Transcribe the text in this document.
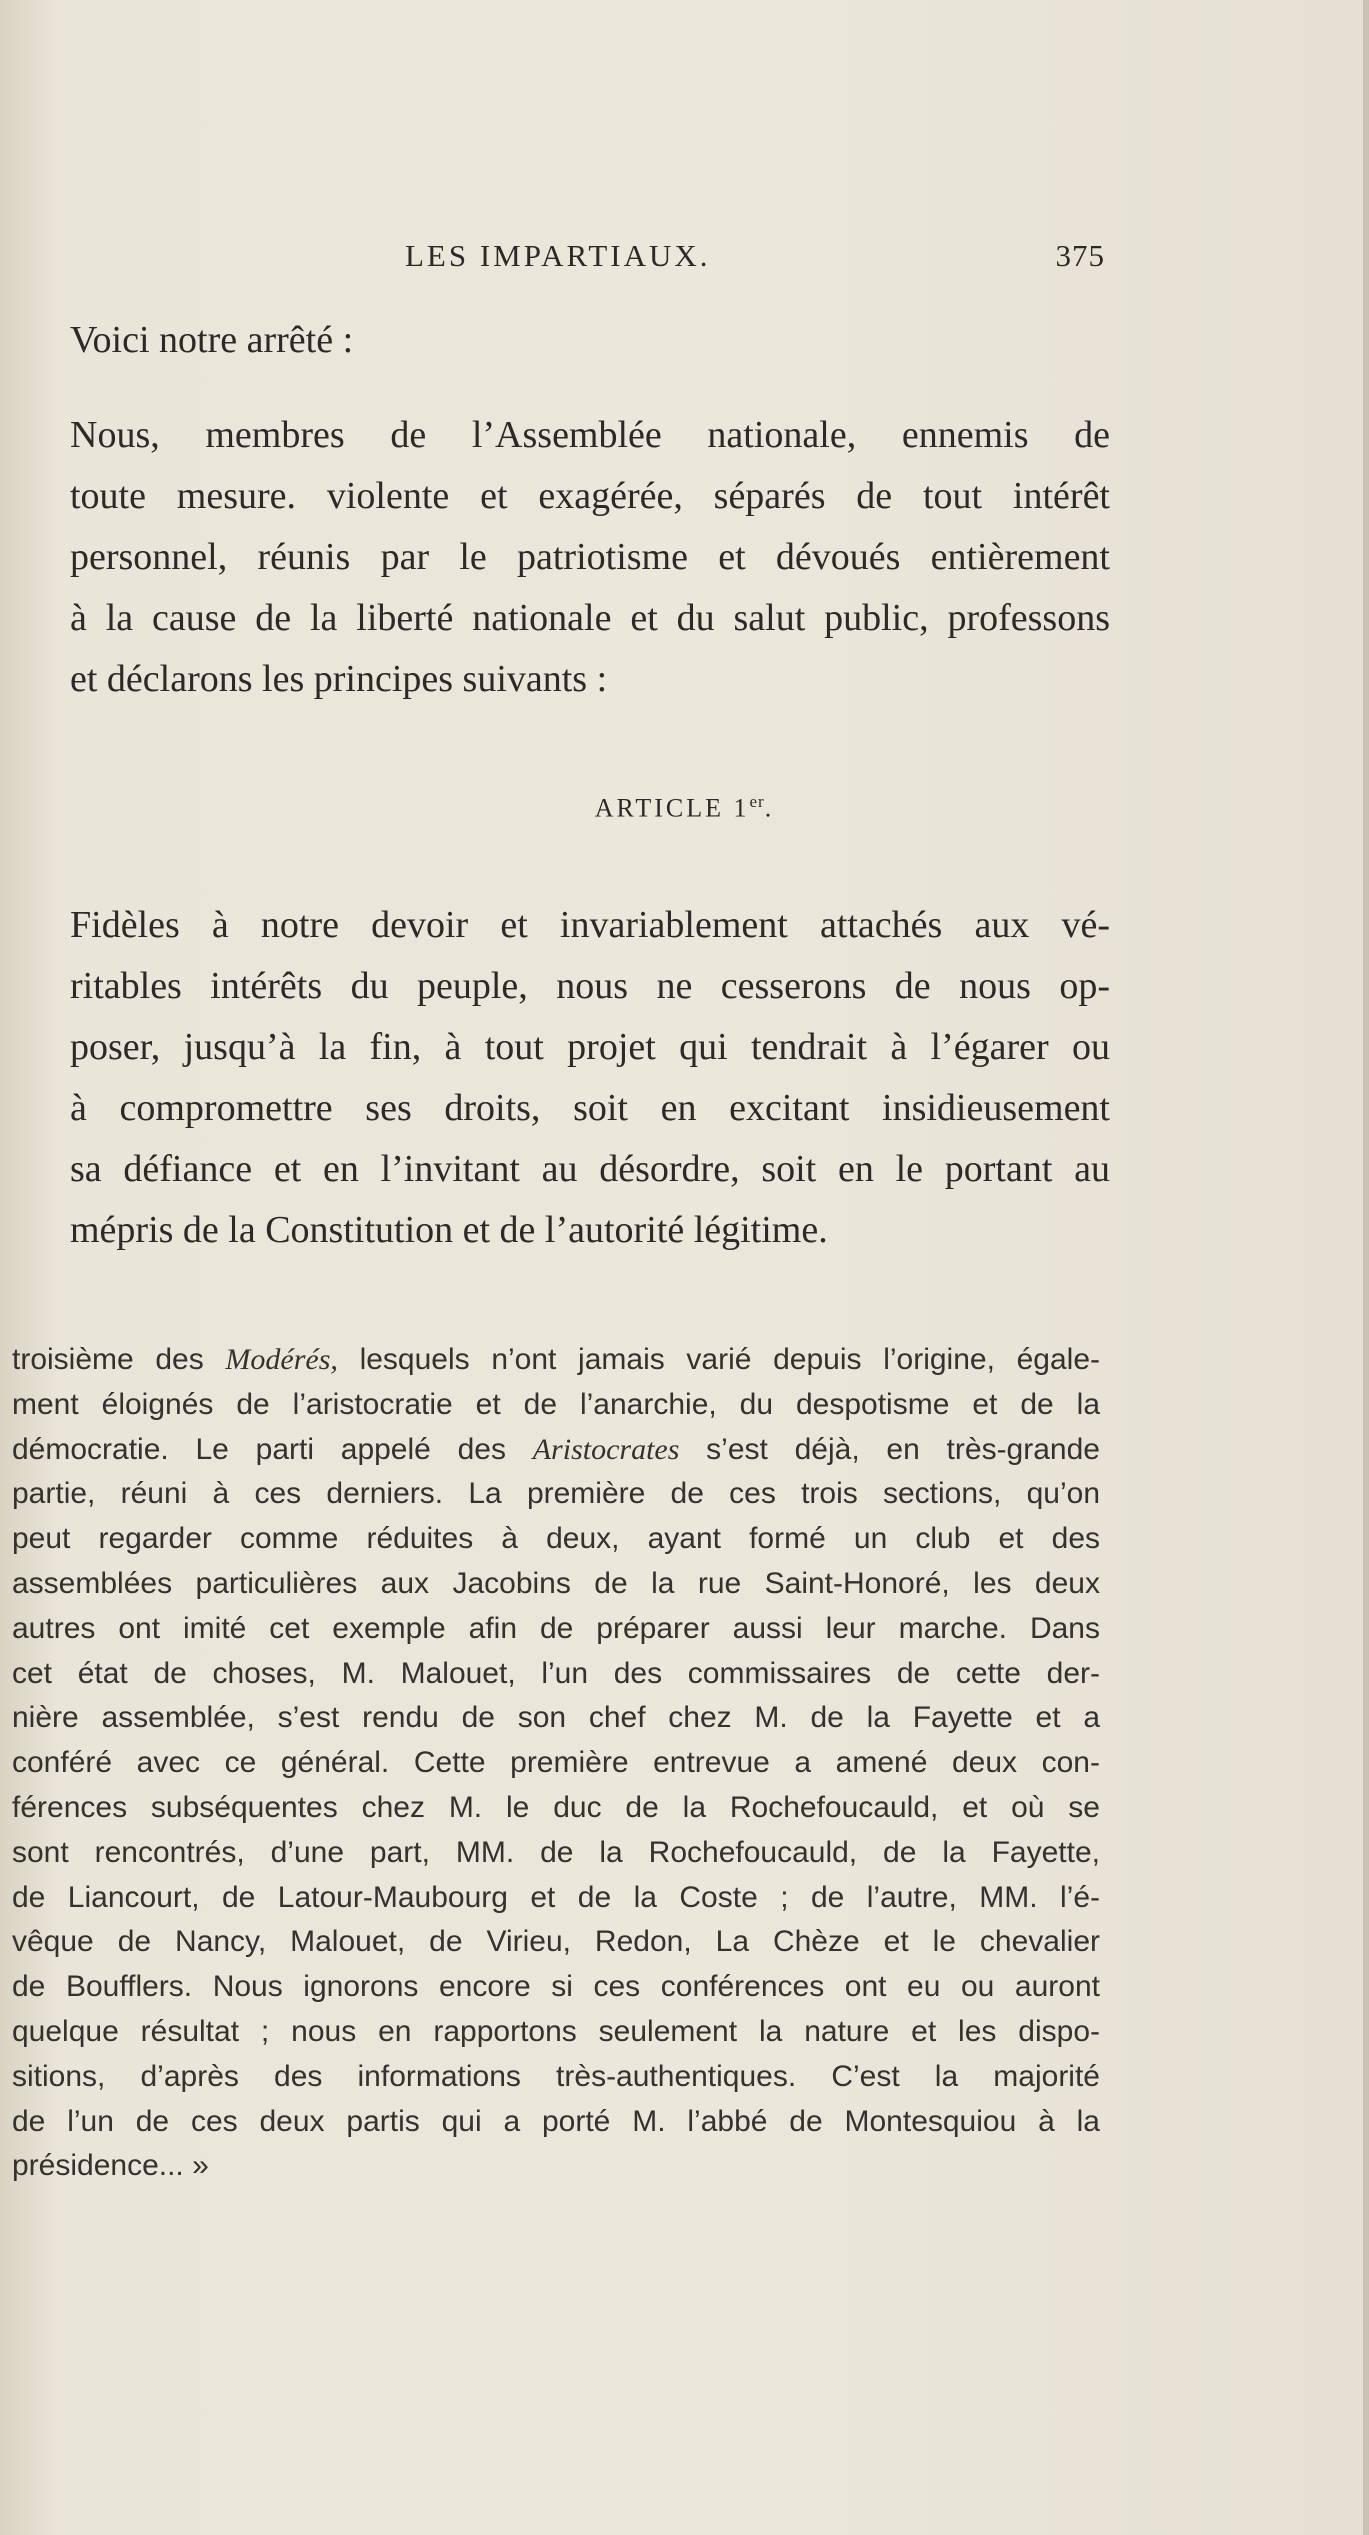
LES IMPARTIAUX.	375
Voici notre arrêté :
Nous, membres de l’Assemblée nationale, ennemis de
toute mesure. violente et exagérée, séparés de tout intérêt
personnel, réunis par le patriotisme et dévoués entièrement
à la cause de la liberté nationale et du salut public, professons
et déclarons les principes suivants :
ARTICLE 1er.
Fidèles à notre devoir et invariablement attachés aux vé-
ritables intérêts du peuple, nous ne cesserons de nous op-
poser, jusqu’à la fin, à tout projet qui tendrait à l’égarer ou
à compromettre ses droits, soit en excitant insidieusement
sa défiance et en l’invitant au désordre, soit en le portant au
mépris de la Constitution et de l’autorité légitime.
troisième des Modérés, lesquels n’ont jamais varié depuis l’origine, égale-
ment éloignés de l’aristocratie et de l’anarchie, du despotisme et de la
démocratie. Le parti appelé des Aristocrates s’est déjà, en très-grande
partie, réuni à ces derniers. La première de ces trois sections, qu’on
peut regarder comme réduites à deux, ayant formé un club et des
assemblées particulières aux Jacobins de la rue Saint-Honoré, les deux
autres ont imité cet exemple afin de préparer aussi leur marche. Dans
cet état de choses, M. Malouet, l’un des commissaires de cette der-
nière assemblée, s’est rendu de son chef chez M. de la Fayette et a
conféré avec ce général. Cette première entrevue a amené deux con-
férences subséquentes chez M. le duc de la Rochefoucauld, et où se
sont rencontrés, d’une part, MM. de la Rochefoucauld, de la Fayette,
de Liancourt, de Latour-Maubourg et de la Coste ; de l’autre, MM. l’é-
vêque de Nancy, Malouet, de Virieu, Redon, La Chèze et le chevalier
de Boufflers. Nous ignorons encore si ces conférences ont eu ou auront
quelque résultat ; nous en rapportons seulement la nature et les dispo-
sitions, d’après des informations très-authentiques. C’est la majorité
de l’un de ces deux partis qui a porté M. l’abbé de Montesquiou à la
présidence... »
